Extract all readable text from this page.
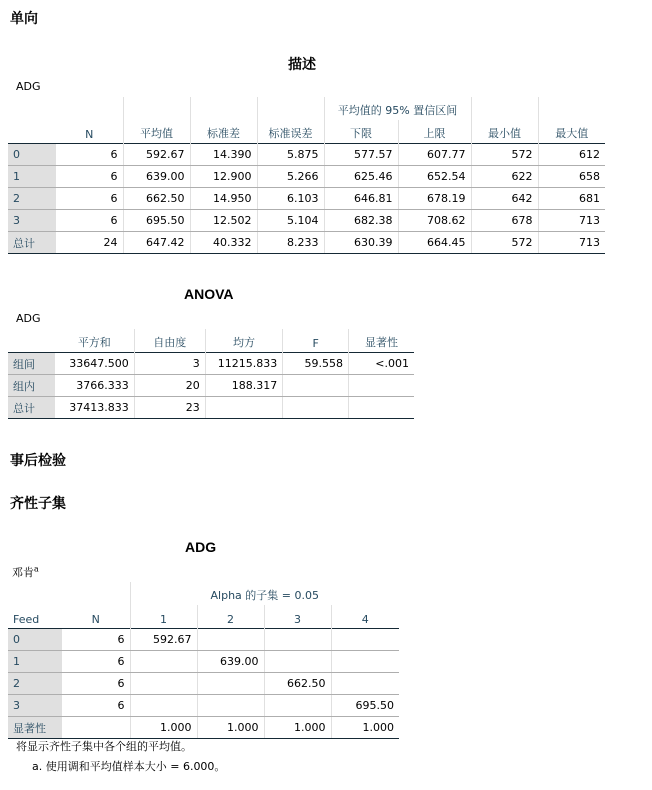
单向
描述
ADG
	N	平均值	标准差	标准误差	平均值的 95% 置信区间		最小值	最大值
					下限	上限		
0	6	592.67	14.390	5.875	577.57	607.77	572	612
1	6	639.00	12.900	5.266	625.46	652.54	622	658
2	6	662.50	14.950	6.103	646.81	678.19	642	681
3	6	695.50	12.502	5.104	682.38	708.62	678	713
总计	24	647.42	40.332	8.233	630.39	664.45	572	713
ANOVA
ADG
	平方和	自由度	均方	F	显著性
组间	33647.500	3	11215.833	59.558	<.001
组内	3766.333	20	188.317		
总计	37413.833	23			
事后检验
齐性子集
ADG
邓肯$^a$
		Alpha 的子集 = 0.05			
Feed	N	1	2	3	4
0	6	592.67			
1	6		639.00		
2	6			662.50	
3	6				695.50
显著性		1.000	1.000	1.000	1.000
将显示齐性子集中各个组的平均值。
a. 使用调和平均值样本大小 = 6.000。
